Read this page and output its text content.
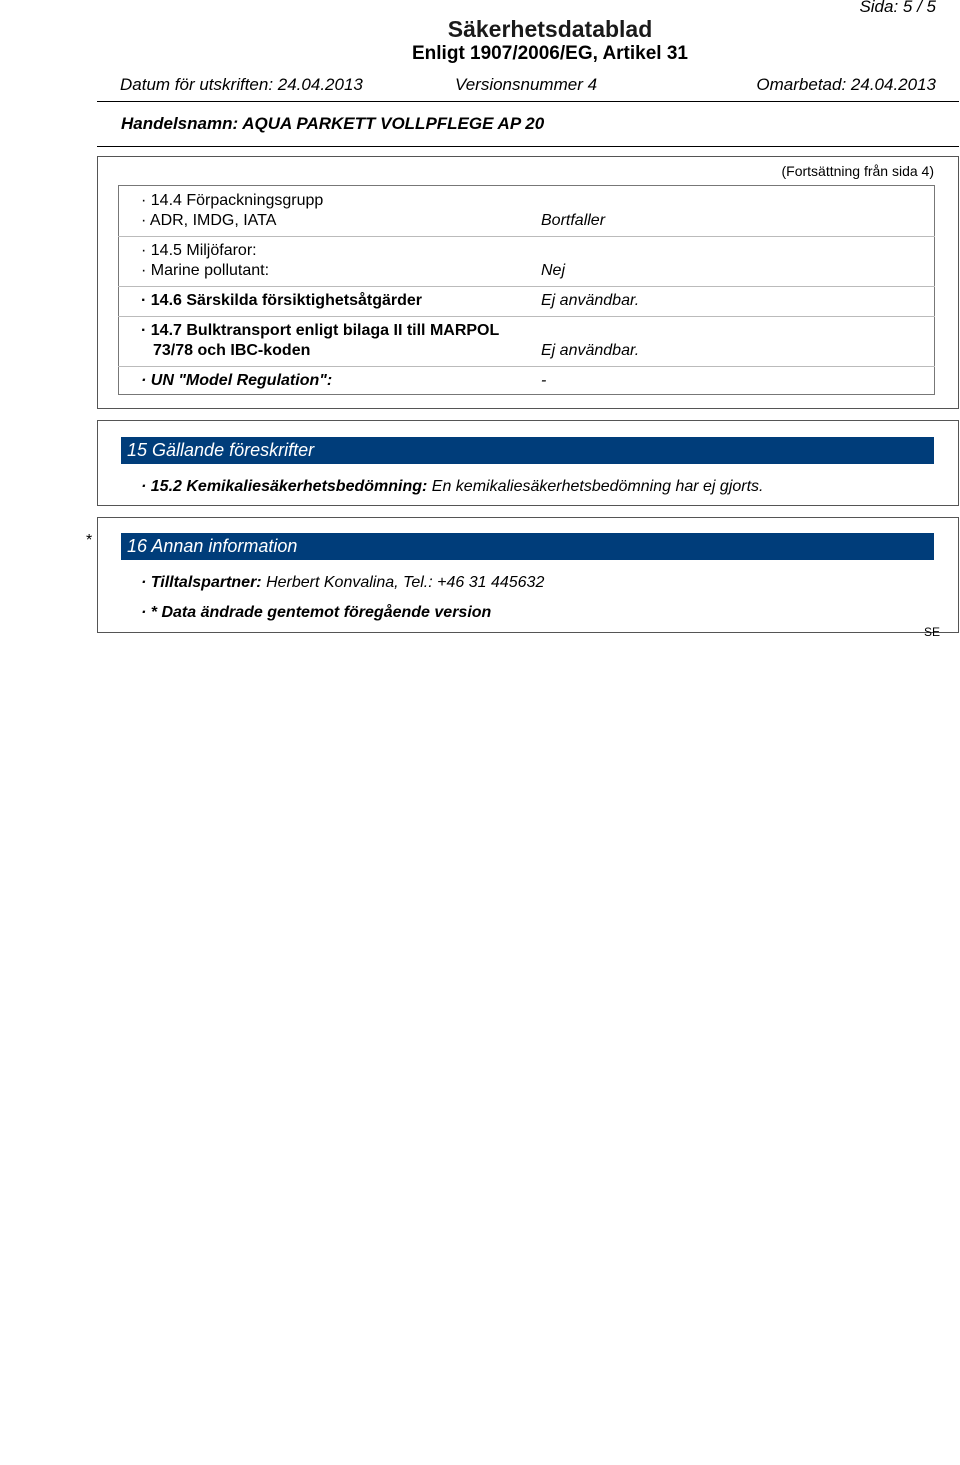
Sida: 5 / 5
Säkerhetsdatablad
Enligt 1907/2006/EG, Artikel 31
Datum för utskriften: 24.04.2013	Versionsnummer 4	Omarbetad: 24.04.2013
Handelsnamn: AQUA PARKETT VOLLPFLEGE AP 20
(Fortsättning från sida 4)
· 14.4 Förpackningsgrupp
· ADR, IMDG, IATA	Bortfaller
· 14.5 Miljöfaror:
· Marine pollutant:	Nej
· 14.6 Särskilda försiktighetsåtgärder	Ej användbar.
· 14.7 Bulktransport enligt bilaga II till MARPOL
73/78 och IBC-koden	Ej användbar.
· UN "Model Regulation":	-
15 Gällande föreskrifter
· 15.2 Kemikaliesäkerhetsbedömning: En kemikaliesäkerhetsbedömning har ej gjorts.
*	16 Annan information
· Tilltalspartner: Herbert Konvalina, Tel.: +46 31 445632
· * Data ändrade gentemot föregående version
SE
